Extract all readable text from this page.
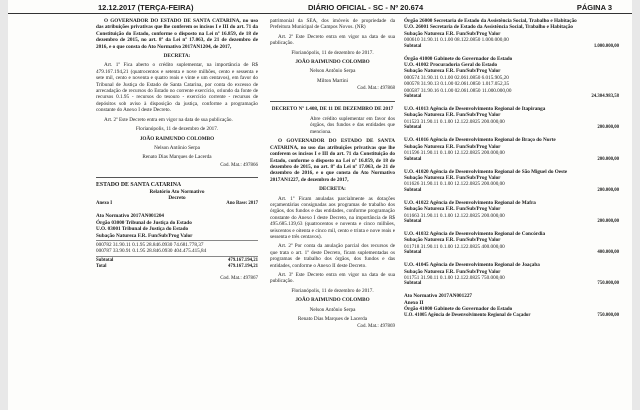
12.12.2017 (TERÇA-FEIRA)	DIÁRIO OFICIAL - SC - Nº 20.674	PÁGINA 3

O GOVERNADOR DO ESTADO DE SANTA CATARINA, no uso das atribuições privativas que lhe conferem os incisos I e III do art. 71 da Constituição do Estado, conforme o disposto na Lei nº 16.859, de 18 de dezembro de 2015, no art. 8º da Lei nº 17.063, de 21 de dezembro de 2016, e o que consta do Ato Normativo 2017AN1204, de 2017,

DECRETA:

Art. 1º Fica aberto o crédito suplementar, na importância de R$ 479.167.194,21 (quatrocentos e setenta e nove milhões, cento e sessenta e sete mil, cento e noventa e quatro reais e vinte e um centavos), em favor do Tribunal de Justiça do Estado de Santa Catarina, por conta do excesso de arrecadação de recursos do Estado no corrente exercício, oriundo da fonte de recursos 0.1.95 - recursos do tesouro - exercício corrente - recursos de depósitos sob aviso à disposição da justiça, conforme a programação constante do Anexo I deste Decreto.

Art. 2º Este Decreto entra em vigor na data de sua publicação.

Florianópolis, 11 de dezembro de 2017.

JOÃO RAIMUNDO COLOMBO
Nelson Antônio Serpa
Renato Dias Marques de Lacerda
Cod. Mat.: 497866
ESTADO DE SANTA CATARINA
Relatório Ato Normativo
Decreto
Anexo I	Ano Base: 2017
Ato Normativo 2017AN001204
Órgão 03000 Tribunal de Justiça do Estado
U.O. 03001 Tribunal de Justiça do Estado
Subação Natureza F.R. Fun/Sub/Prog Valor
000782 31.90.11 0.1.95 28.846.0930 74.681.778,37
000787 33.90.91 0.1.95 28.846.0930 404.475.415,84
Subtotal	479.167.194,21
Total	479.167.194,21
Cod. Mat.: 497867

patrimonial da SEA, dos imóveis de propriedade da Prefeitura Municipal de Campos Novos. (NR)

Art. 2º Este Decreto entra em vigor na data de sua publicação.

Florianópolis, 11 de dezembro de 2017.

JOÃO RAIMUNDO COLOMBO
Nelson Antônio Serpa
Milton Martini
Cod. Mat.: 497868
DECRETO Nº 1.408, DE 11 DE DEZEMBRO DE 2017

Abre crédito suplementar em favor dos órgãos, dos fundos e das entidades que menciona.

O GOVERNADOR DO ESTADO DE SANTA CATARINA, no uso das atribuições privativas que lhe conferem os incisos I e III do art. 71 da Constituição do Estado, conforme o disposto na Lei nº 16.859, de 18 de dezembro de 2015, no art. 8º da Lei nº 17.063, de 21 de dezembro de 2016, e o que consta do Ato Normativo 2017AN1227, de dezembro de 2017,

DECRETA:

Art. 1º Ficam anuladas parcialmente as dotações orçamentárias consignadas aos programas de trabalho dos órgãos, dos fundos e das entidades, conforme programação constante do Anexo I deste Decreto, na importância de R$ 495.685.139,63 (quatrocentos e noventa e cinco milhões, seiscentos e oitenta e cinco mil, cento e trinta e nove reais e sessenta e três centavos).

Art. 2º Por conta da anulação parcial dos recursos de que trata o art. 1º deste Decreto, ficam suplementadas os programas de trabalho dos órgãos, dos fundos e das entidades, conforme o Anexo II deste Decreto.

Art. 3º Este Decreto entra em vigor na data de sua publicação.

Florianópolis, 11 de dezembro de 2017.

JOÃO RAIMUNDO COLOMBO
Nelson Antônio Serpa
Renato Dias Marques de Lacerda
Cod. Mat.: 497869
Órgão 26000 Secretaria de Estado da Assistência Social, Trabalho e Habitação
U.O. 26001 Secretaria de Estado da Assistência Social, Trabalho e Habitação
Subação Natureza F.R. Fun/Sub/Prog Valor
000610 31.90.11 0.1.00 08.122.0850 1.000.000,00
Subtotal	1.000.000,00
Órgão 41000 Gabinete do Governador do Estado
U.O. 41002 Procuradoria Geral do Estado
Subação Natureza F.R. Fun/Sub/Prog Valor
000574 31.90.11 0.1.00 02.061.0850 6.015.905,20
000578 31.90.13 0.1.00 02.061.0850 1.017.052,35
000587 31.90.16 0.1.00 02.061.0850 11.000.000,00
Subtotal	24.304.983,58
U.O. 41013 Agência de Desenvolvimento Regional de Itapiranga
Subação Natureza F.R. Fun/Sub/Prog Valor
011523 31.90.11 0.1.00 12.122.0825 200.000,00
Subtotal	200.000,00
U.O. 41016 Agência de Desenvolvimento Regional de Braço do Norte
Subação Natureza F.R. Fun/Sub/Prog Valor
011596 31.90.11 0.1.00 12.122.0825 200.000,00
Subtotal	200.000,00
U.O. 41020 Agência de Desenvolvimento Regional de São Miguel do Oeste
Subação Natureza F.R. Fun/Sub/Prog Valor
011626 31.90.11 0.1.00 12.122.0825 200.000,00
Subtotal	200.000,00
U.O. 41022 Agência de Desenvolvimento Regional de Mafra
Subação Natureza F.R. Fun/Sub/Prog Valor
011663 31.90.11 0.1.00 12.122.0825 200.000,00
Subtotal	200.000,00
U.O. 41032 Agência de Desenvolvimento Regional de Concórdia
Subação Natureza F.R. Fun/Sub/Prog Valor
011718 31.90.11 0.1.00 12.122.0825 400.000,00
Subtotal	400.000,00
U.O. 41045 Agência de Desenvolvimento Regional de Joaçaba
Subação Natureza F.R. Fun/Sub/Prog Valor
011751 31.90.11 0.1.00 12.122.0825 750.000,00
Subtotal	750.000,00
Ato Normativo 2017AN001227
Anexo II
Órgão 41000 Gabinete do Governador do Estado
U.O. 41005 Agência de Desenvolvimento Regional de Caçador	750.000,00
